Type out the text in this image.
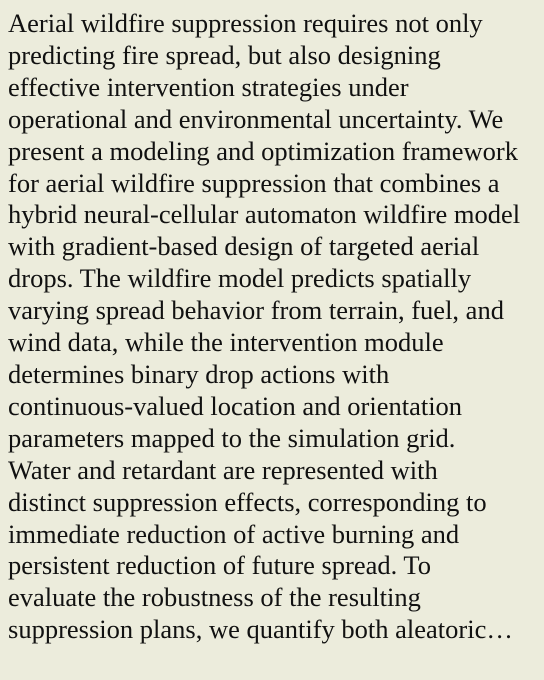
Aerial wildfire suppression requires not only
predicting fire spread, but also designing
effective intervention strategies under
operational and environmental uncertainty. We
present a modeling and optimization framework
for aerial wildfire suppression that combines a
hybrid neural-cellular automaton wildfire model
with gradient-based design of targeted aerial
drops. The wildfire model predicts spatially
varying spread behavior from terrain, fuel, and
wind data, while the intervention module
determines binary drop actions with
continuous-valued location and orientation
parameters mapped to the simulation grid.
Water and retardant are represented with
distinct suppression effects, corresponding to
immediate reduction of active burning and
persistent reduction of future spread. To
evaluate the robustness of the resulting
suppression plans, we quantify both aleatoric…
